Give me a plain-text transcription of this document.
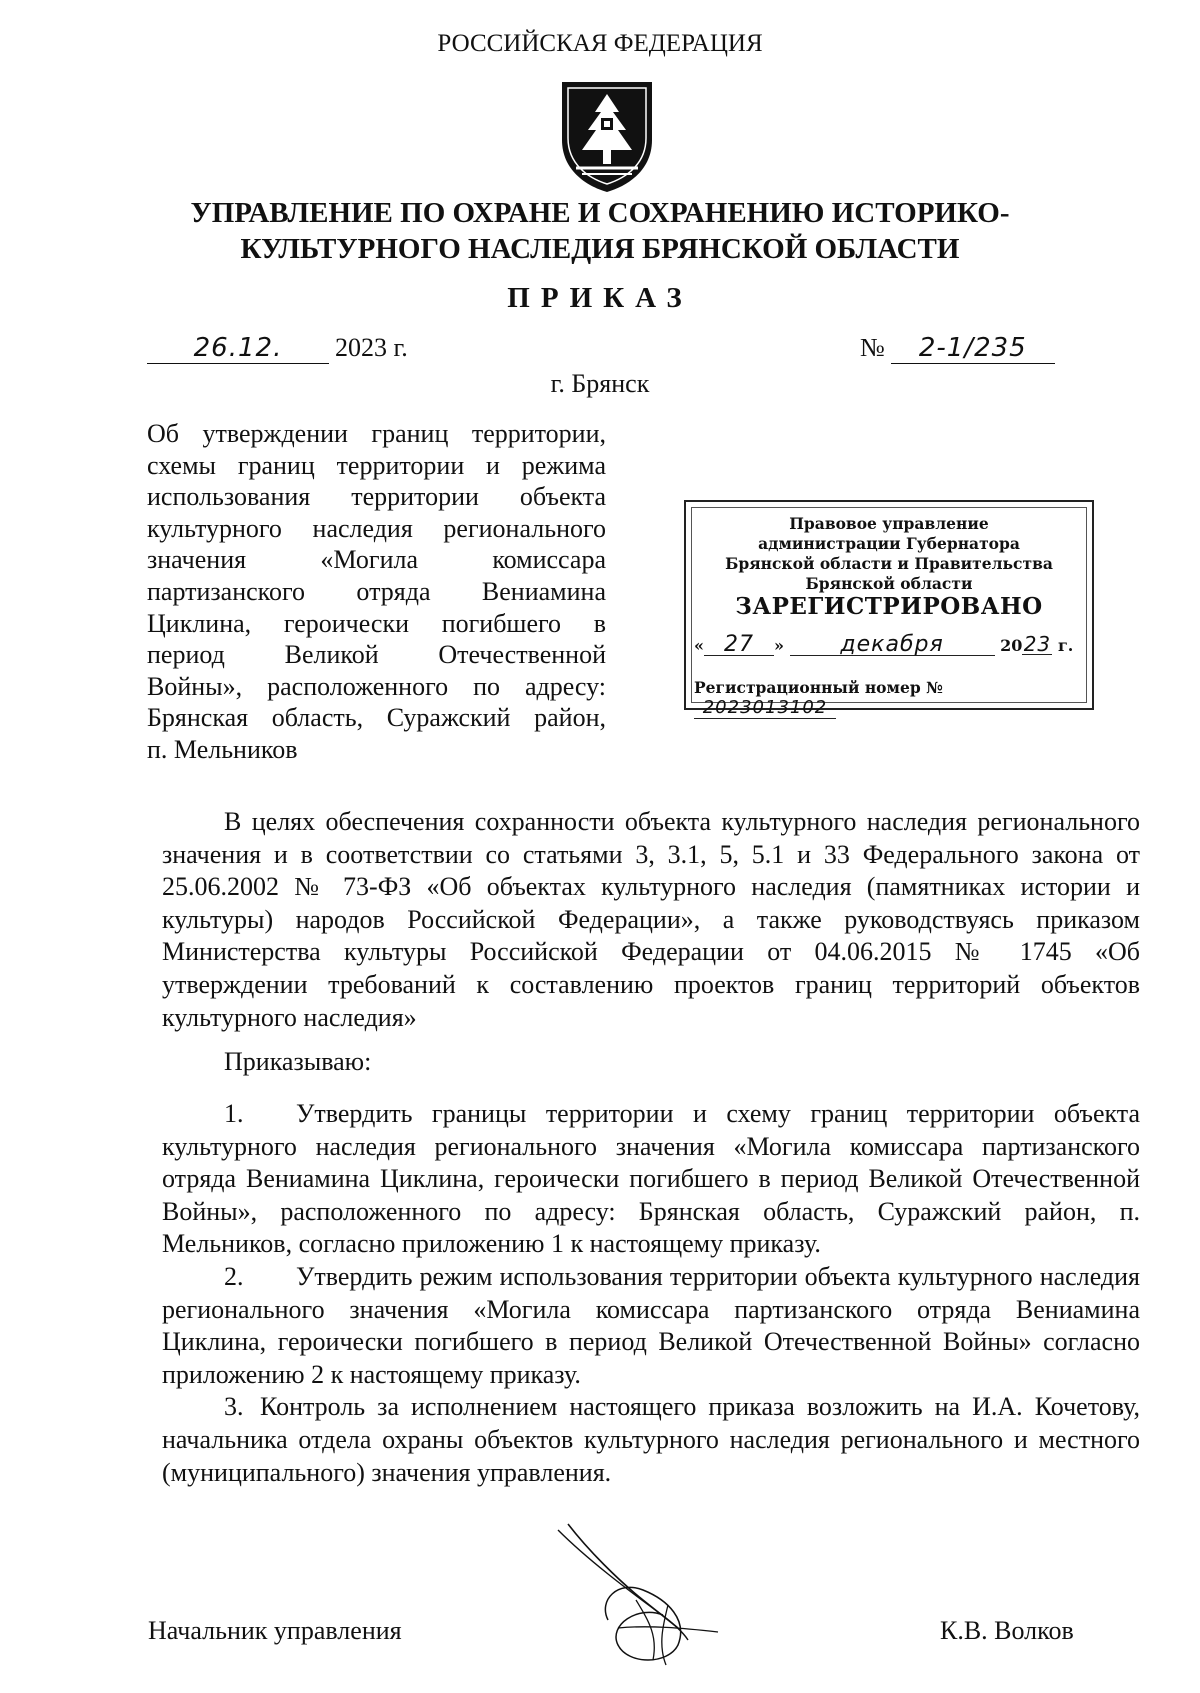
РОССИЙСКАЯ ФЕДЕРАЦИЯ
УПРАВЛЕНИЕ ПО ОХРАНЕ И СОХРАНЕНИЮ ИСТОРИКО-
КУЛЬТУРНОГО НАСЛЕДИЯ БРЯНСКОЙ ОБЛАСТИ
ПРИКАЗ
26.12. 2023 г.	№ 2-1/235
г. Брянск
Об утверждении границ территории,
схемы границ территории и режима
использования территории объекта
культурного наследия регионального
значения «Могила комиссара
партизанского отряда Вениамина
Циклина, героически погибшего в
период Великой Отечественной
Войны», расположенного по адресу:
Брянская область, Суражский район,
п. Мельников
Правовое управление
администрации Губернатора
Брянской области и Правительства
Брянской области
ЗАРЕГИСТРИРОВАНО
« 27 »	декабря	2023 г.
Регистрационный номер №2023013102

В целях обеспечения сохранности объекта культурного наследия регионального значения и в соответствии со статьями 3, 3.1, 5, 5.1 и 33 Федерального закона от 25.06.2002 № 73-ФЗ «Об объектах культурного наследия (памятниках истории и культуры) народов Российской Федерации», а также руководствуясь приказом Министерства культуры Российской Федерации от 04.06.2015 № 1745 «Об утверждении требований к составлению проектов границ территорий объектов культурного наследия»

Приказываю:

1. Утвердить границы территории и схему границ территории объекта культурного наследия регионального значения «Могила комиссара партизанского отряда Вениамина Циклина, героически погибшего в период Великой Отечественной Войны», расположенного по адресу: Брянская область, Суражский район, п. Мельников, согласно приложению 1 к настоящему приказу.

2. Утвердить режим использования территории объекта культурного наследия регионального значения «Могила комиссара партизанского отряда Вениамина Циклина, героически погибшего в период Великой Отечественной Войны» согласно приложению 2 к настоящему приказу.

3. Контроль за исполнением настоящего приказа возложить на И.А. Кочетову, начальника отдела охраны объектов культурного наследия регионального и местного (муниципального) значения управления.

Начальник управления	К.В. Волков
